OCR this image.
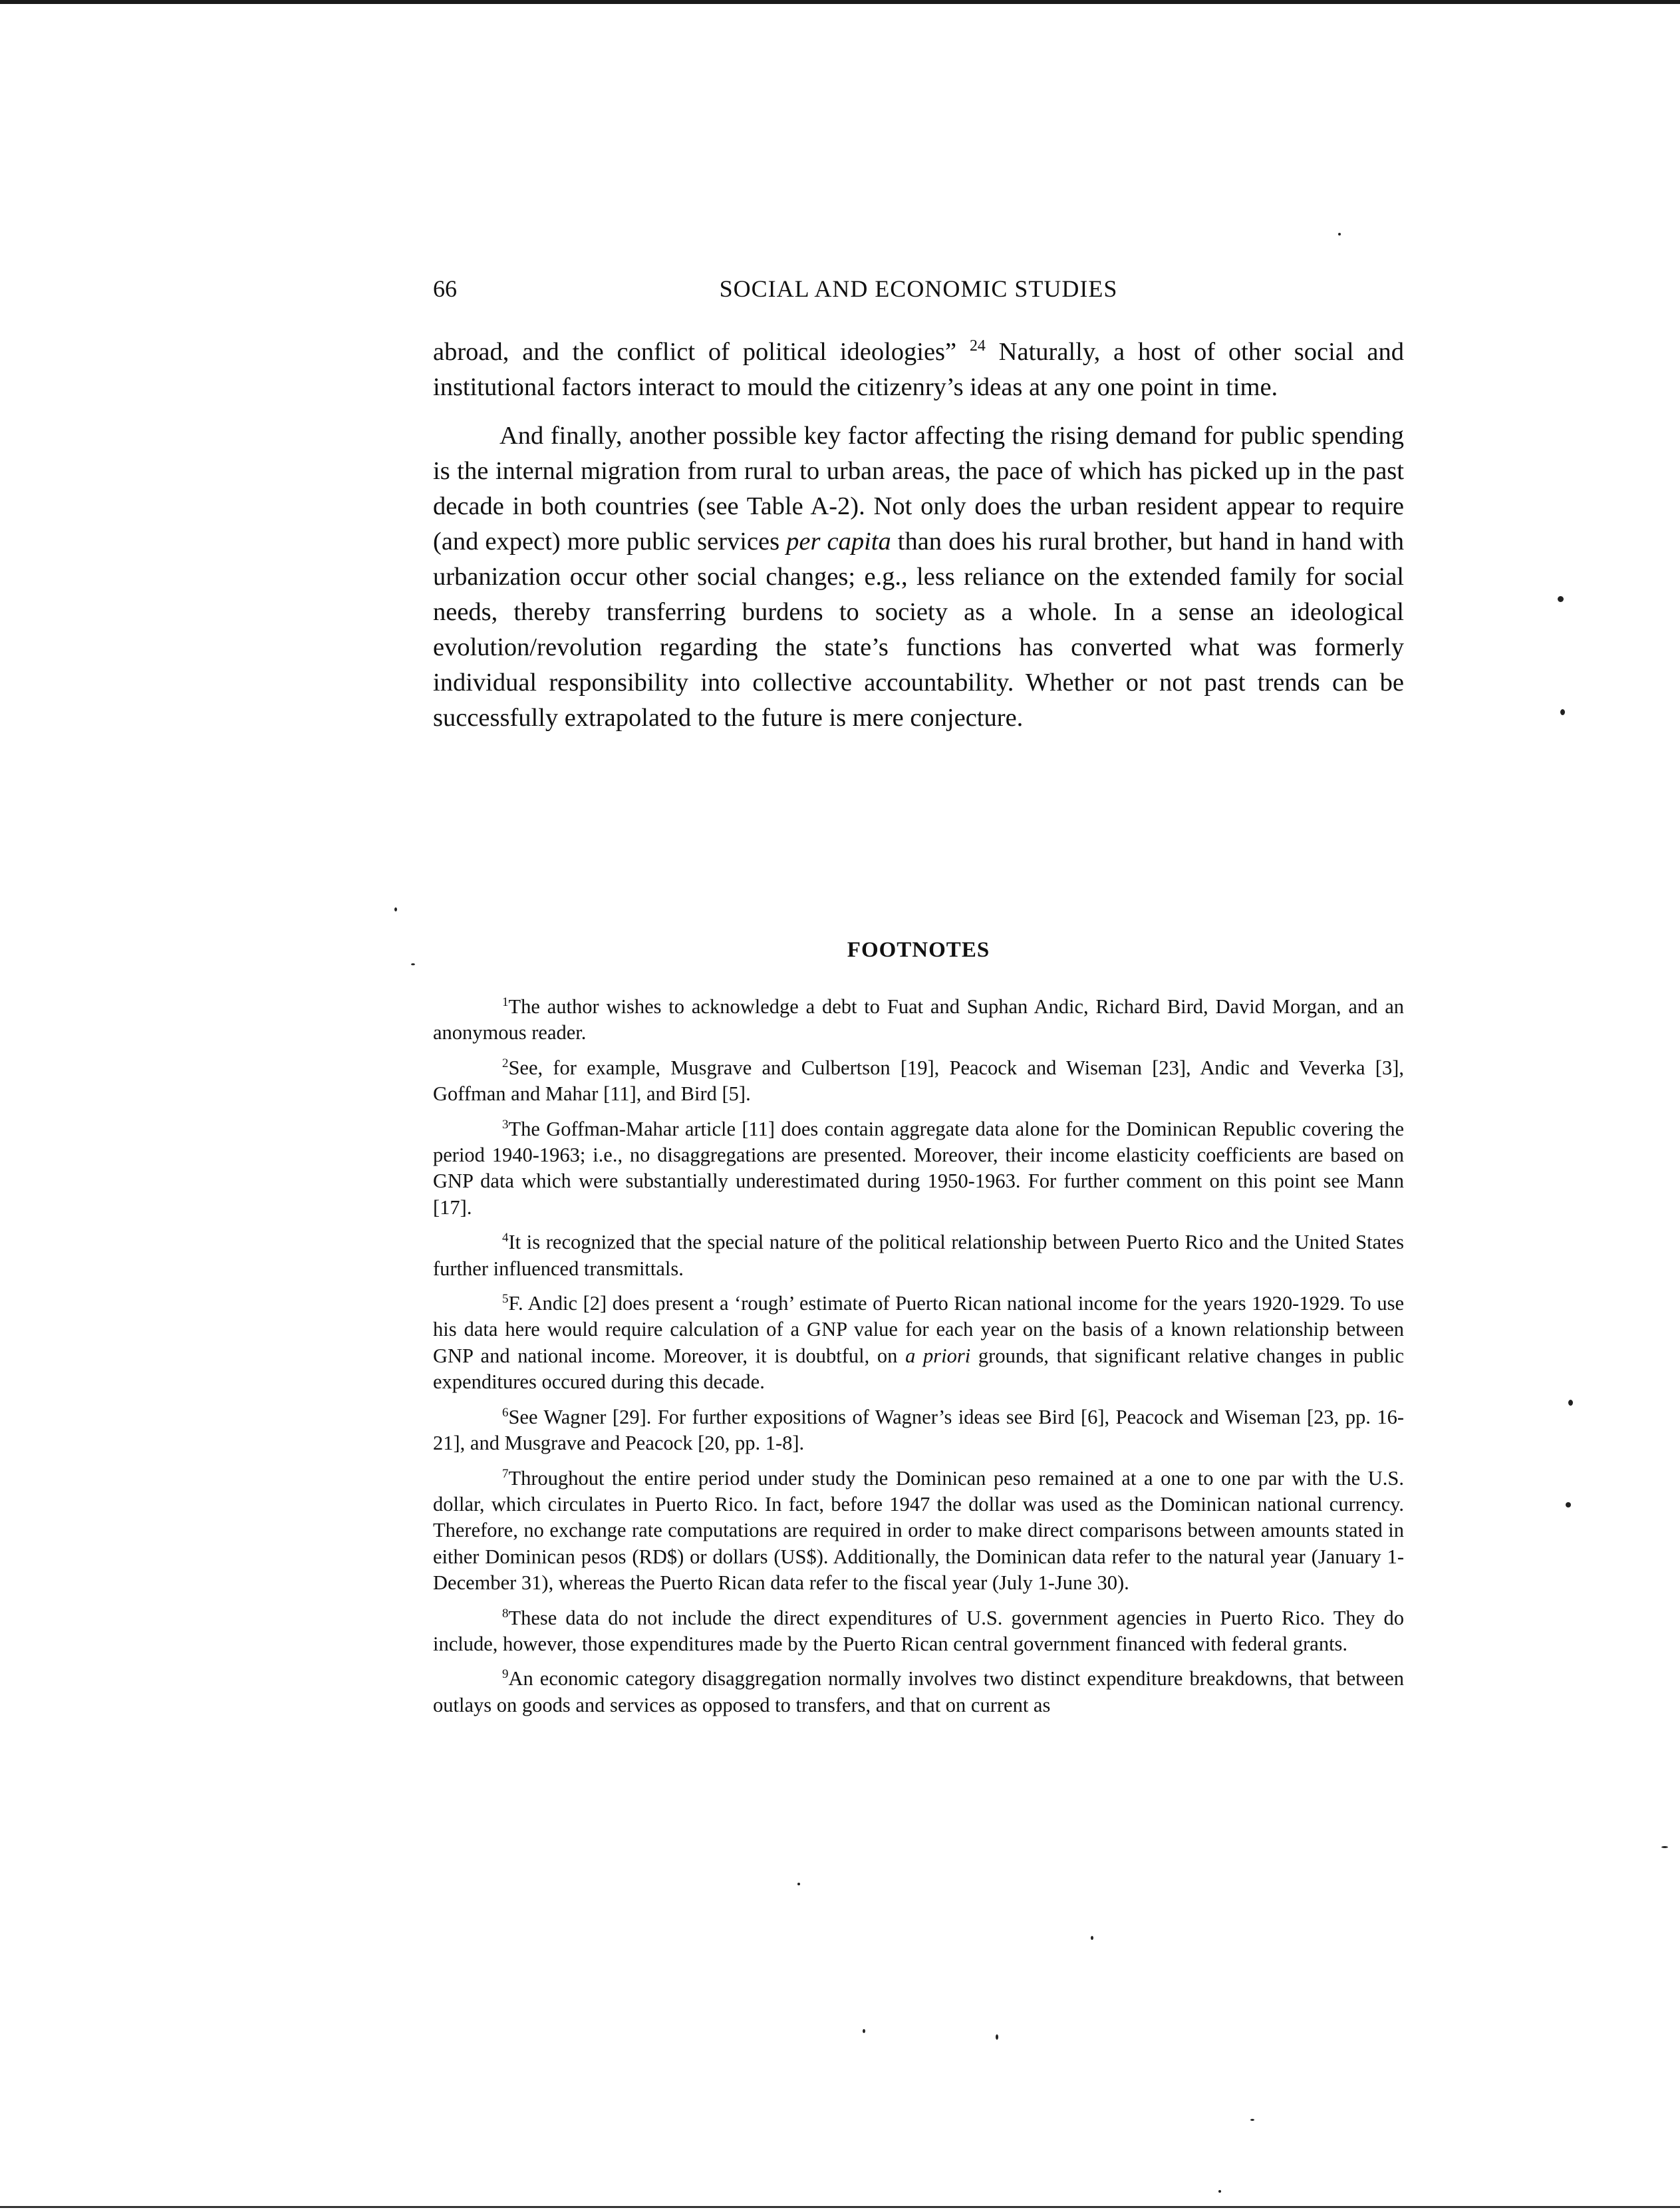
66	SOCIAL AND ECONOMIC STUDIES

abroad, and the conflict of political ideologies” $^{24}$ Naturally, a host of other social and institutional factors interact to mould the citizenry’s ideas at any one point in time.

And finally, another possible key factor affecting the rising demand for public spending is the internal migration from rural to urban areas, the pace of which has picked up in the past decade in both countries (see Table A-2). Not only does the urban resident appear to require (and expect) more public services per capita than does his rural brother, but hand in hand with urbanization occur other social changes; e.g., less reliance on the extended family for social needs, thereby transferring burdens to society as a whole. In a sense an ideological evolution/revolution regarding the state’s functions has converted what was formerly individual responsibility into collective accountability. Whether or not past trends can be successfully extrapolated to the future is mere conjecture.

FOOTNOTES

$^1$The author wishes to acknowledge a debt to Fuat and Suphan Andic, Richard Bird, David Morgan, and an anonymous reader.

$^2$See, for example, Musgrave and Culbertson [19], Peacock and Wiseman [23], Andic and Veverka [3], Goffman and Mahar [11], and Bird [5].

$^3$The Goffman-Mahar article [11] does contain aggregate data alone for the Dominican Republic covering the period 1940-1963; i.e., no disaggregations are presented. Moreover, their income elasticity coefficients are based on GNP data which were substantially underestimated during 1950-1963. For further comment on this point see Mann [17].

$^4$It is recognized that the special nature of the political relationship between Puerto Rico and the United States further influenced transmittals.

$^5$F. Andic [2] does present a ‘rough’ estimate of Puerto Rican national income for the years 1920-1929. To use his data here would require calculation of a GNP value for each year on the basis of a known relationship between GNP and national income. Moreover, it is doubtful, on a priori grounds, that significant relative changes in public expenditures occured during this decade.

$^6$See Wagner [29]. For further expositions of Wagner’s ideas see Bird [6], Peacock and Wiseman [23, pp. 16-21], and Musgrave and Peacock [20, pp. 1-8].

$^7$Throughout the entire period under study the Dominican peso remained at a one to one par with the U.S. dollar, which circulates in Puerto Rico. In fact, before 1947 the dollar was used as the Dominican national currency. Therefore, no exchange rate computations are required in order to make direct comparisons between amounts stated in either Dominican pesos (RD$) or dollars (US$). Additionally, the Dominican data refer to the natural year (January 1-December 31), whereas the Puerto Rican data refer to the fiscal year (July 1-June 30).

$^8$These data do not include the direct expenditures of U.S. government agencies in Puerto Rico. They do include, however, those expenditures made by the Puerto Rican central government financed with federal grants.

$^9$An economic category disaggregation normally involves two distinct expenditure breakdowns, that between outlays on goods and services as opposed to transfers, and that on current as
